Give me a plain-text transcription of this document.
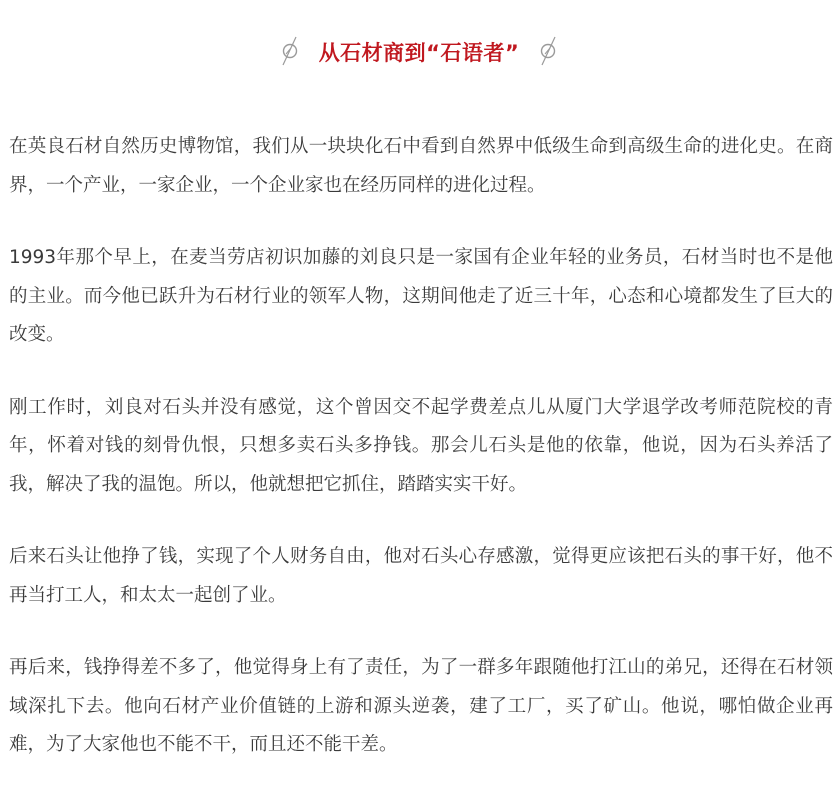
从石材商到“石语者”

在英良石材自然历史博物馆，我们从一块块化石中看到自然界中低级生命到高级生命的进化史。在商界，一个产业，一家企业，一个企业家也在经历同样的进化过程。

1993年那个早上，在麦当劳店初识加藤的刘良只是一家国有企业年轻的业务员，石材当时也不是他的主业。而今他已跃升为石材行业的领军人物，这期间他走了近三十年，心态和心境都发生了巨大的改变。

刚工作时，刘良对石头并没有感觉，这个曾因交不起学费差点儿从厦门大学退学改考师范院校的青年，怀着对钱的刻骨仇恨，只想多卖石头多挣钱。那会儿石头是他的依靠，他说，因为石头养活了我，解决了我的温饱。所以，他就想把它抓住，踏踏实实干好。

后来石头让他挣了钱，实现了个人财务自由，他对石头心存感激，觉得更应该把石头的事干好，他不再当打工人，和太太一起创了业。

再后来，钱挣得差不多了，他觉得身上有了责任，为了一群多年跟随他打江山的弟兄，还得在石材领域深扎下去。他向石材产业价值链的上游和源头逆袭，建了工厂，买了矿山。他说，哪怕做企业再难，为了大家他也不能不干，而且还不能干差。
